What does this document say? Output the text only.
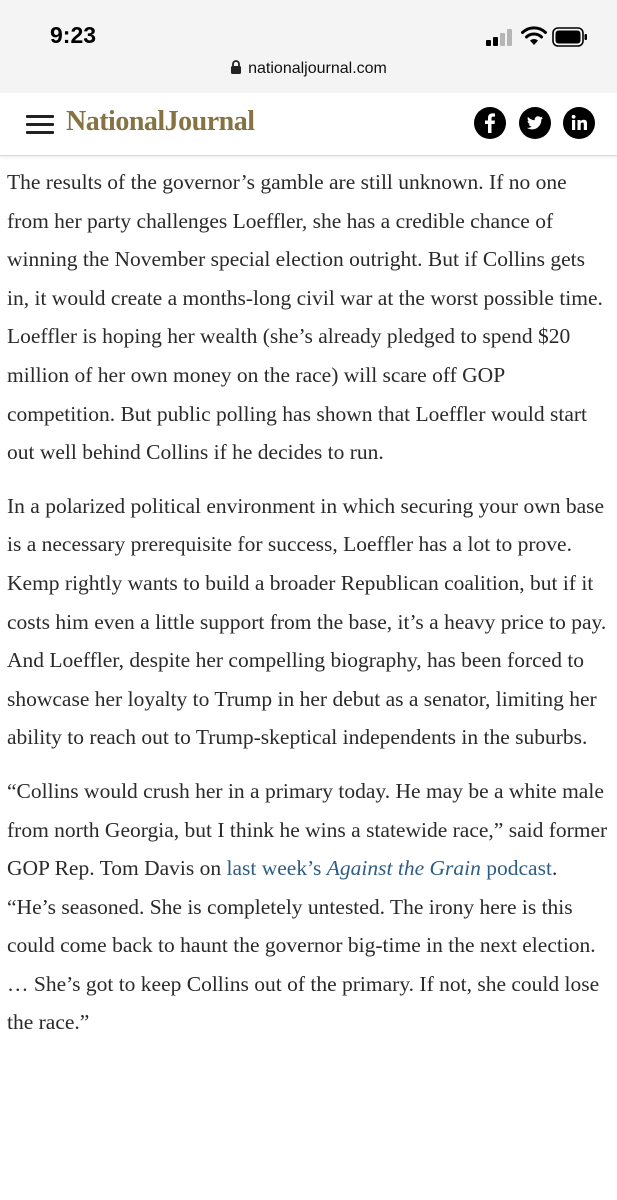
9:23
nationaljournal.com
NationalJournal

The results of the governor’s gamble are still unknown. If no one from her party challenges Loeffler, she has a credible chance of winning the November special election outright. But if Collins gets in, it would create a months-long civil war at the worst possible time. Loeffler is hoping her wealth (she’s already pledged to spend $20 million of her own money on the race) will scare off GOP competition. But public polling has shown that Loeffler would start out well behind Collins if he decides to run.

In a polarized political environment in which securing your own base is a necessary prerequisite for success, Loeffler has a lot to prove. Kemp rightly wants to build a broader Republican coalition, but if it costs him even a little support from the base, it’s a heavy price to pay. And Loeffler, despite her compelling biography, has been forced to showcase her loyalty to Trump in her debut as a senator, limiting her ability to reach out to Trump-skeptical independents in the suburbs.

“Collins would crush her in a primary today. He may be a white male from north Georgia, but I think he wins a statewide race,” said former GOP Rep. Tom Davis on last week’s Against the Grain podcast. “He’s seasoned. She is completely untested. The irony here is this could come back to haunt the governor big-time in the next election. … She’s got to keep Collins out of the primary. If not, she could lose the race.”
